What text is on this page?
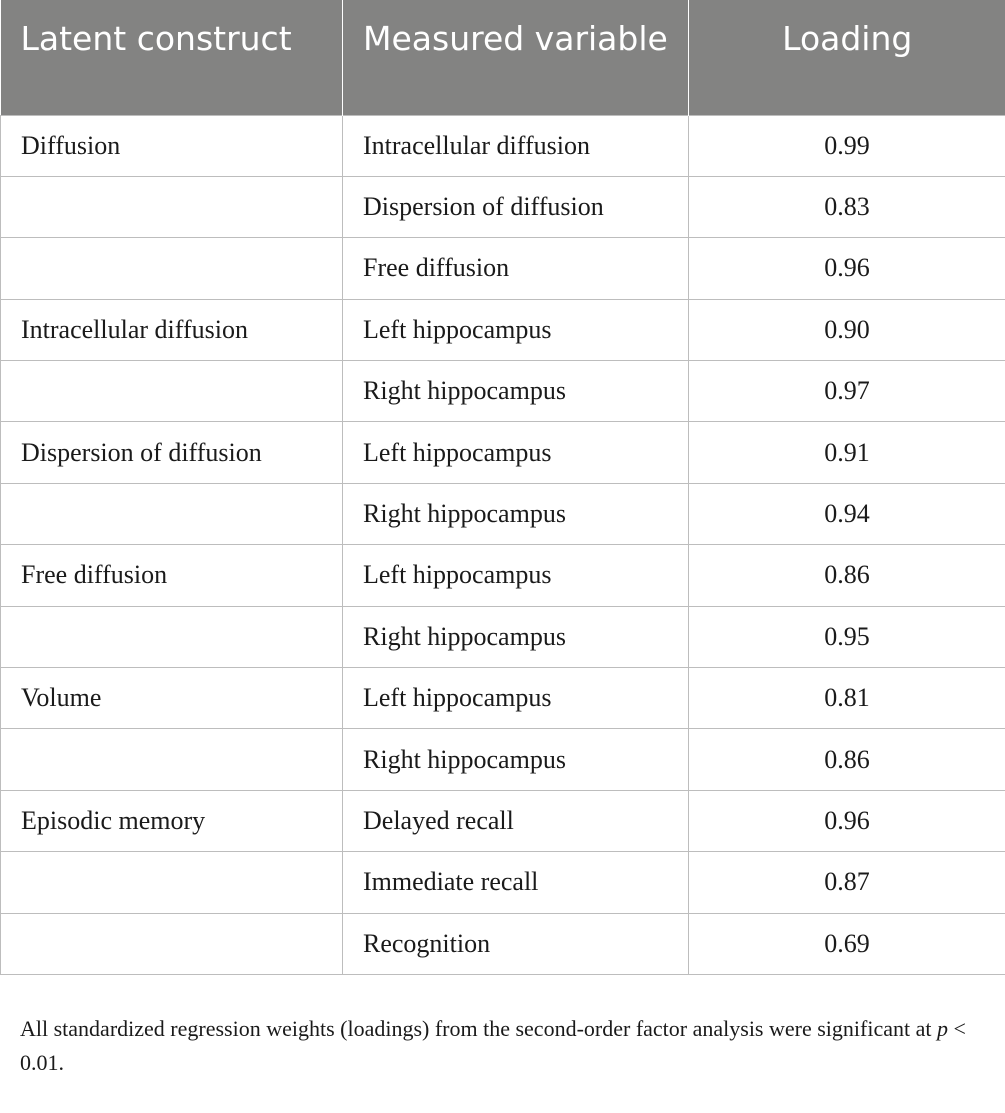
Latent construct	Measured variable	Loading
Diffusion	Intracellular diffusion	0.99
	Dispersion of diffusion	0.83
	Free diffusion	0.96
Intracellular diffusion	Left hippocampus	0.90
	Right hippocampus	0.97
Dispersion of diffusion	Left hippocampus	0.91
	Right hippocampus	0.94
Free diffusion	Left hippocampus	0.86
	Right hippocampus	0.95
Volume	Left hippocampus	0.81
	Right hippocampus	0.86
Episodic memory	Delayed recall	0.96
	Immediate recall	0.87
	Recognition	0.69
All standardized regression weights (loadings) from the second-order factor analysis were significant at p < 0.01.
